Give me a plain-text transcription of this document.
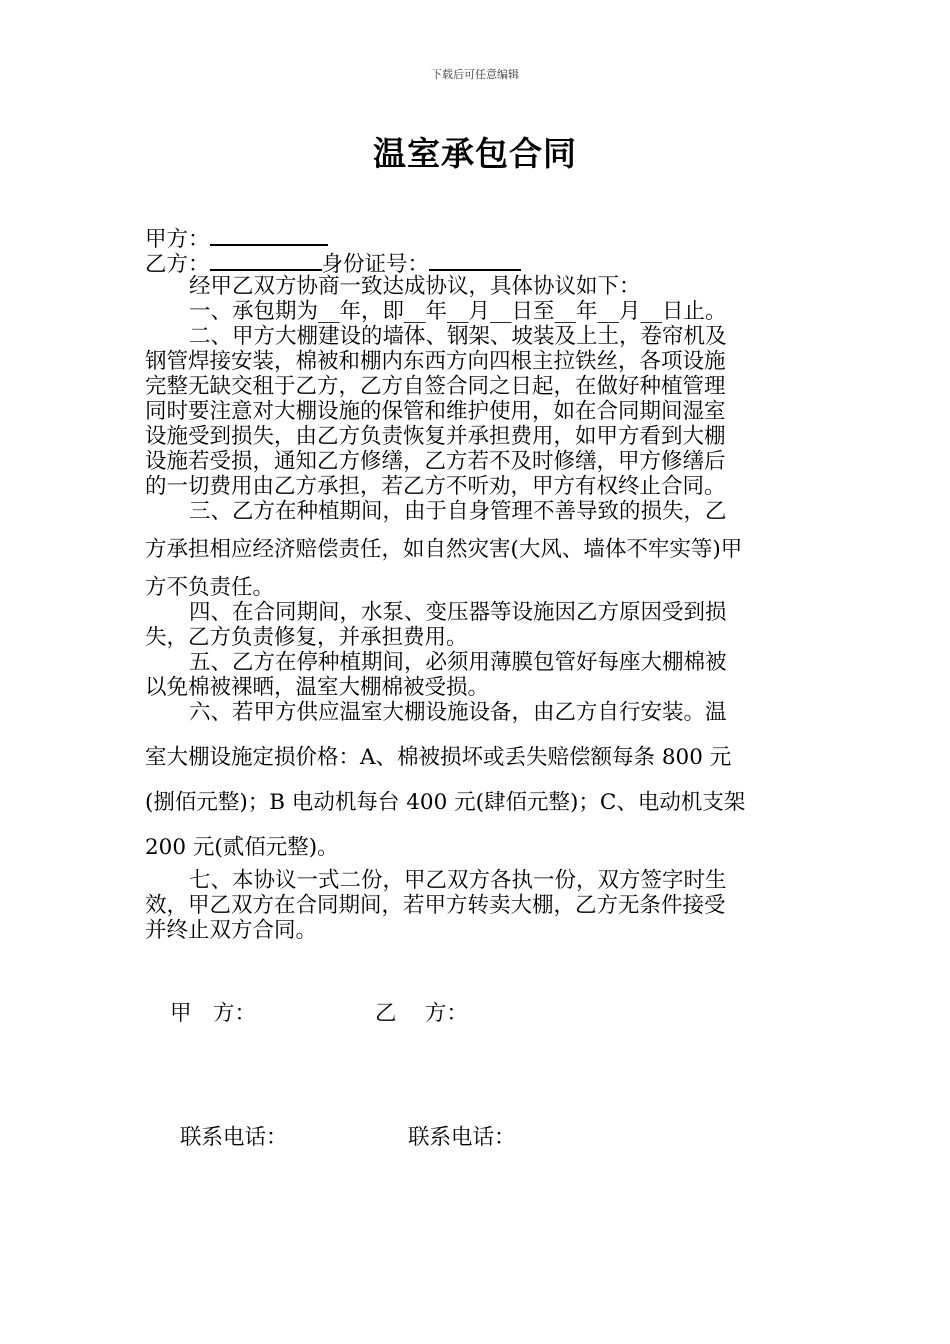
下载后可任意编辑
温室承包合同
甲方：
乙方：	身份证号：
经甲乙双方协商一致达成协议，具体协议如下：
一、承包期为__年，即__年__月__日至__年__月__日止。
二、甲方大棚建设的墙体、钢架、坡装及上土，卷帘机及
钢管焊接安装，棉被和棚内东西方向四根主拉铁丝，各项设施
完整无缺交租于乙方，乙方自签合同之日起，在做好种植管理
同时要注意对大棚设施的保管和维护使用，如在合同期间湿室
设施受到损失，由乙方负责恢复并承担费用，如甲方看到大棚
设施若受损，通知乙方修缮，乙方若不及时修缮，甲方修缮后
的一切费用由乙方承担，若乙方不听劝，甲方有权终止合同。
三、乙方在种植期间，由于自身管理不善导致的损失，乙
方承担相应经济赔偿责任，如自然灾害(大风、墙体不牢实等)甲
方不负责任。
四、在合同期间，水泵、变压器等设施因乙方原因受到损
失，乙方负责修复，并承担费用。
五、乙方在停种植期间，必须用薄膜包管好每座大棚棉被
以免棉被裸晒，温室大棚棉被受损。
六、若甲方供应温室大棚设施设备，由乙方自行安装。温
室大棚设施定损价格：A、棉被损坏或丢失赔偿额每条 800 元
(捌佰元整)；B 电动机每台 400 元(肆佰元整)；C、电动机支架
200 元(贰佰元整)。
七、本协议一式二份，甲乙双方各执一份，双方签字时生
效，甲乙双方在合同期间，若甲方转卖大棚，乙方无条件接受
并终止双方合同。
甲　方：	乙　 方：
联系电话：	联系电话：
